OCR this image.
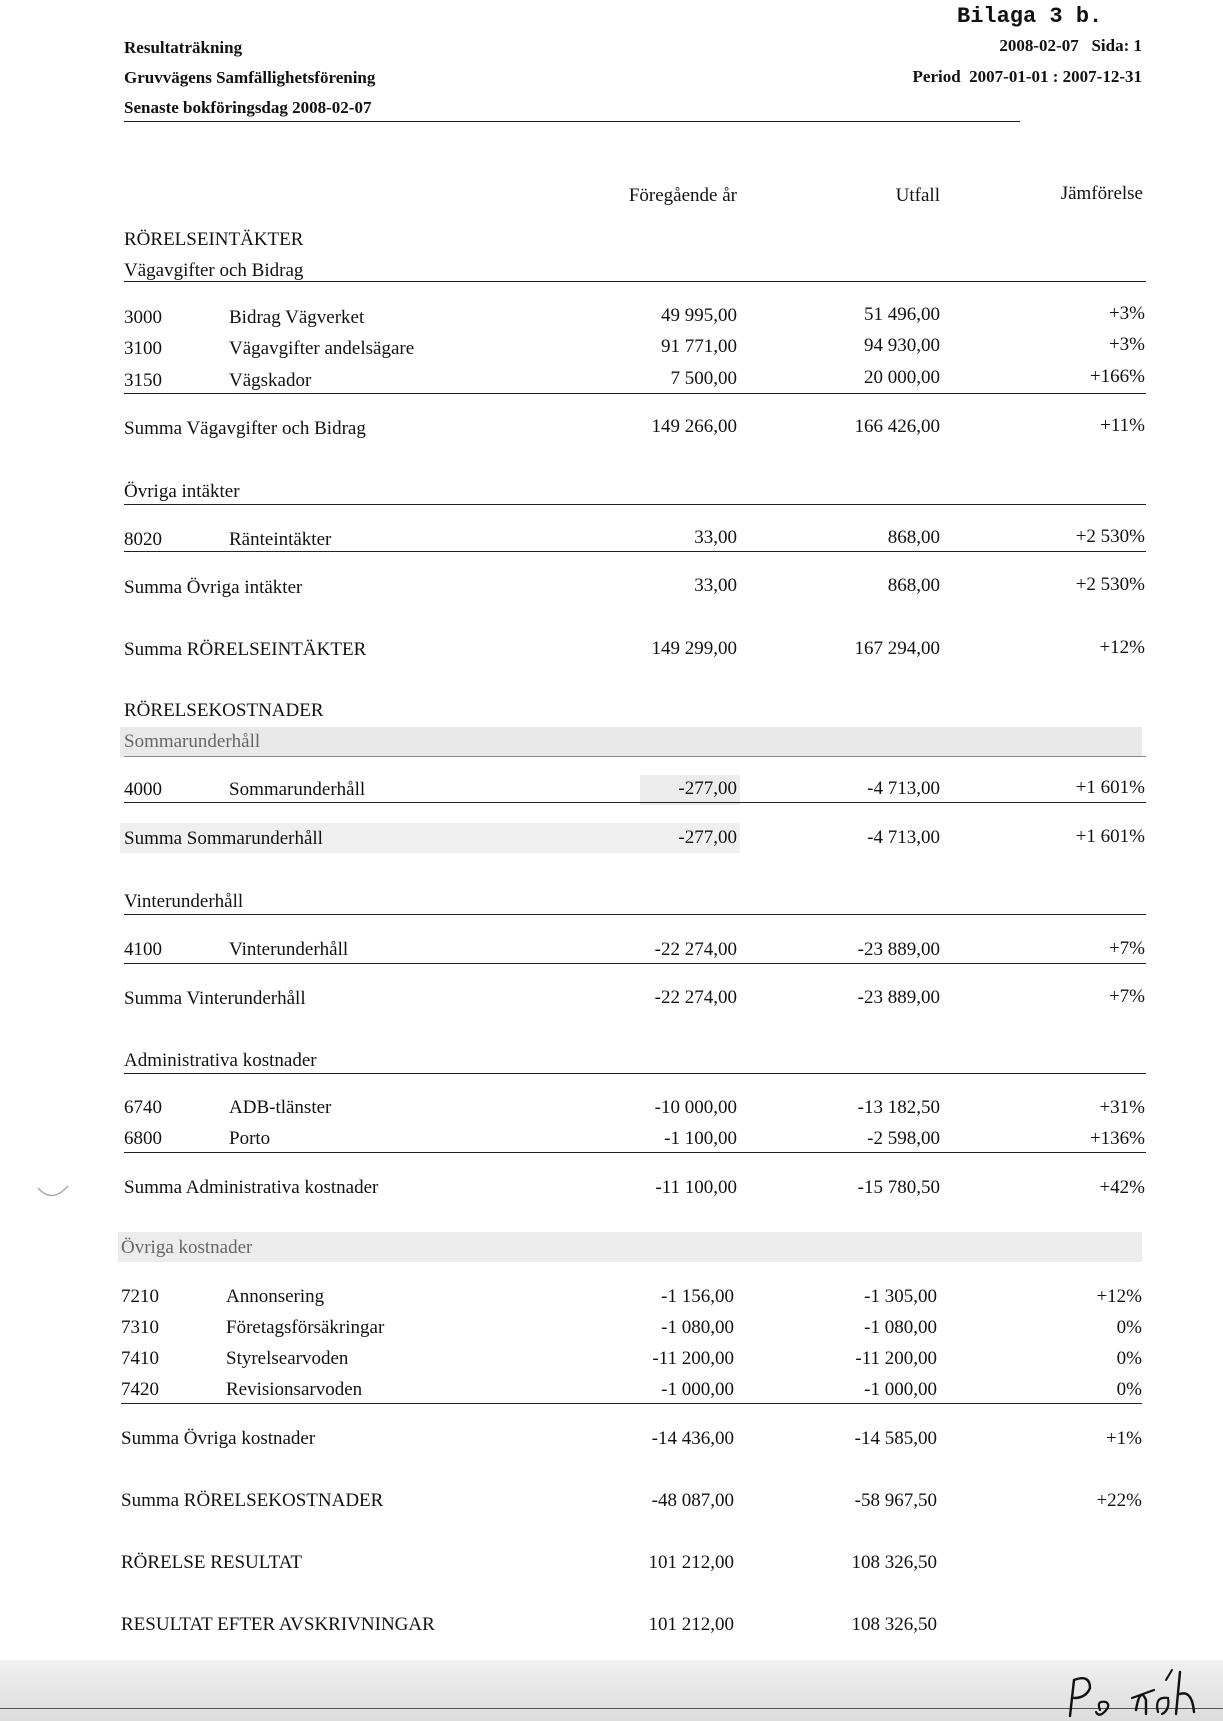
Bilaga 3 b.
Resultaträkning
Gruvvägens Samfällighetsförening
Senaste bokföringsdag 2008-02-07
2008-02-07   Sida: 1
Period  2007-01-01 : 2007-12-31
Föregående år	Utfall	Jämförelse
RÖRELSEINTÄKTER
Vägavgifter och Bidrag
3000	Bidrag Vägverket	49 995,00	51 496,00	+3%
3100	Vägavgifter andelsägare	91 771,00	94 930,00	+3%
3150	Vägskador	7 500,00	20 000,00	+166%
Summa Vägavgifter och Bidrag	149 266,00	166 426,00	+11%
Övriga intäkter
8020	Ränteintäkter	33,00	868,00	+2 530%
Summa Övriga intäkter	33,00	868,00	+2 530%
Summa RÖRELSEINTÄKTER	149 299,00	167 294,00	+12%
RÖRELSEKOSTNADER
Sommarunderhåll
4000	Sommarunderhåll	-277,00	-4 713,00	+1 601%
Summa Sommarunderhåll	-277,00	-4 713,00	+1 601%
Vinterunderhåll
4100	Vinterunderhåll	-22 274,00	-23 889,00	+7%
Summa Vinterunderhåll	-22 274,00	-23 889,00	+7%
Administrativa kostnader
6740	ADB-tlänster	-10 000,00	-13 182,50	+31%
6800	Porto	-1 100,00	-2 598,00	+136%
Summa Administrativa kostnader	-11 100,00	-15 780,50	+42%
Övriga kostnader
7210	Annonsering	-1 156,00	-1 305,00	+12%
7310	Företagsförsäkringar	-1 080,00	-1 080,00	0%
7410	Styrelsearvoden	-11 200,00	-11 200,00	0%
7420	Revisionsarvoden	-1 000,00	-1 000,00	0%
Summa Övriga kostnader	-14 436,00	-14 585,00	+1%
Summa RÖRELSEKOSTNADER	-48 087,00	-58 967,50	+22%
RÖRELSE RESULTAT	101 212,00	108 326,50
RESULTAT EFTER AVSKRIVNINGAR	101 212,00	108 326,50
